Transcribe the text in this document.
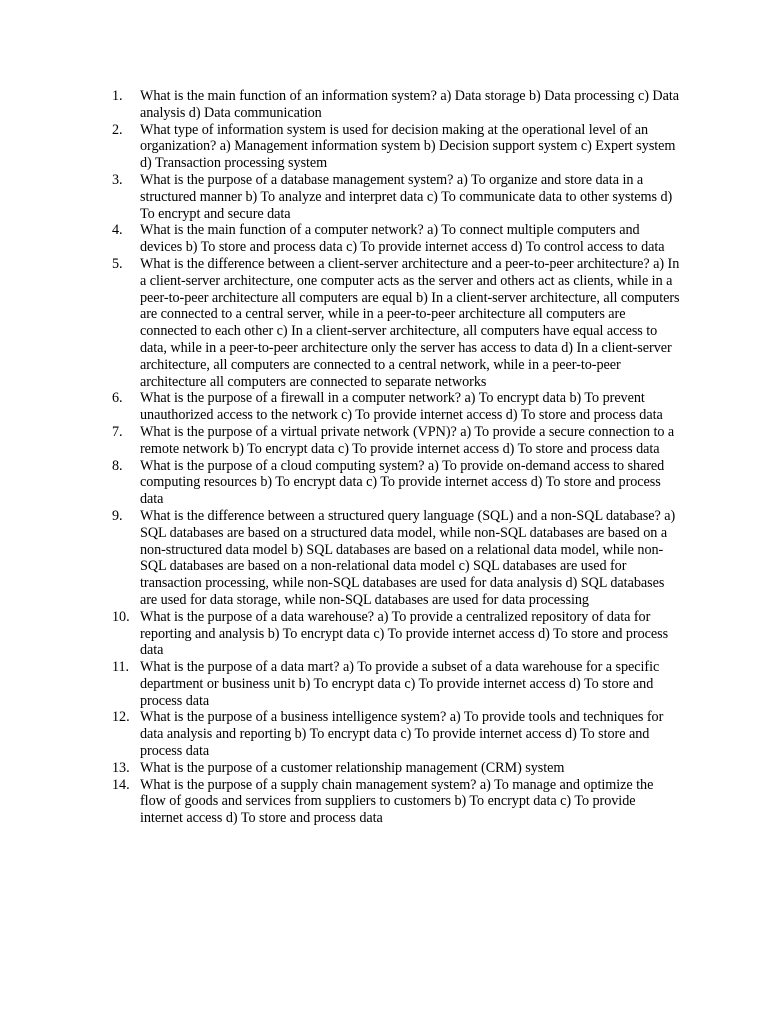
1.	What is the main function of an information system? a) Data storage b) Data processing c) Data analysis d) Data communication
2.	What type of information system is used for decision making at the operational level of an organization? a) Management information system b) Decision support system c) Expert system d) Transaction processing system
3.	What is the purpose of a database management system? a) To organize and store data in a structured manner b) To analyze and interpret data c) To communicate data to other systems d) To encrypt and secure data
4.	What is the main function of a computer network? a) To connect multiple computers and devices b) To store and process data c) To provide internet access d) To control access to data
5.	What is the difference between a client-server architecture and a peer-to-peer architecture? a) In a client-server architecture, one computer acts as the server and others act as clients, while in a peer-to-peer architecture all computers are equal b) In a client-server architecture, all computers are connected to a central server, while in a peer-to-peer architecture all computers are connected to each other c) In a client-server architecture, all computers have equal access to data, while in a peer-to-peer architecture only the server has access to data d) In a client-server architecture, all computers are connected to a central network, while in a peer-to-peer architecture all computers are connected to separate networks
6.	What is the purpose of a firewall in a computer network? a) To encrypt data b) To prevent unauthorized access to the network c) To provide internet access d) To store and process data
7.	What is the purpose of a virtual private network (VPN)? a) To provide a secure connection to a remote network b) To encrypt data c) To provide internet access d) To store and process data
8.	What is the purpose of a cloud computing system? a) To provide on-demand access to shared computing resources b) To encrypt data c) To provide internet access d) To store and process data
9.	What is the difference between a structured query language (SQL) and a non-SQL database? a) SQL databases are based on a structured data model, while non-SQL databases are based on a non-structured data model b) SQL databases are based on a relational data model, while non-SQL databases are based on a non-relational data model c) SQL databases are used for transaction processing, while non-SQL databases are used for data analysis d) SQL databases are used for data storage, while non-SQL databases are used for data processing
10. What is the purpose of a data warehouse? a) To provide a centralized repository of data for reporting and analysis b) To encrypt data c) To provide internet access d) To store and process data
11. What is the purpose of a data mart? a) To provide a subset of a data warehouse for a specific department or business unit b) To encrypt data c) To provide internet access d) To store and process data
12. What is the purpose of a business intelligence system? a) To provide tools and techniques for data analysis and reporting b) To encrypt data c) To provide internet access d) To store and process data
13. What is the purpose of a customer relationship management (CRM) system
14. What is the purpose of a supply chain management system? a) To manage and optimize the flow of goods and services from suppliers to customers b) To encrypt data c) To provide internet access d) To store and process data
